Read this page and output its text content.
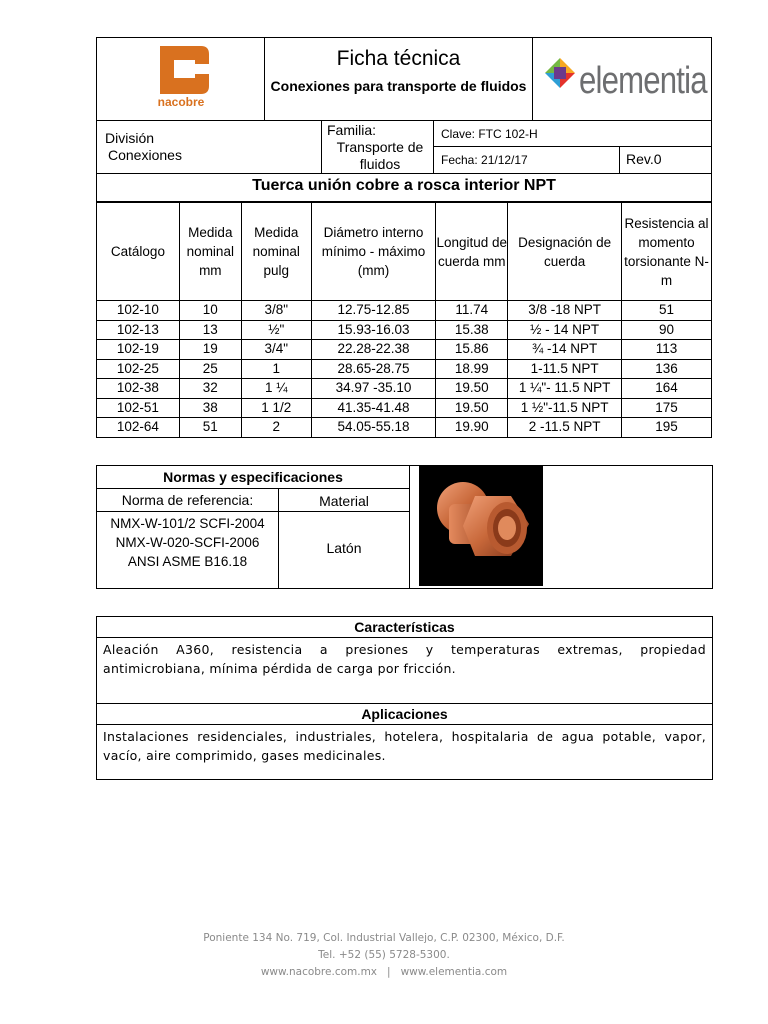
nacobre
Ficha técnica
Conexiones para transporte de fluidos elementia
División
Conexiones
Familia:
Transporte de fluidos
Clave: FTC 102-H
Fecha: 21/12/17	Rev.0
Tuerca unión cobre a rosca interior NPT
Catálogo	Medida nominal mm	Medida nominal pulg	Diámetro interno mínimo - máximo (mm)	Longitud de cuerda mm	Designación de cuerda	Resistencia al momento torsionante N-m
102-10	10	3/8"	12.75-12.85	11.74	3/8 -18 NPT	51
102-13	13	½"	15.93-16.03	15.38	½ - 14 NPT	90
102-19	19	3/4"	22.28-22.38	15.86	¾ -14 NPT	113
102-25	25	1	28.65-28.75	18.99	1-11.5 NPT	136
102-38	32	1 ¼	34.97 -35.10	19.50	1 ¼"- 11.5 NPT	164
102-51	38	1 1/2	41.35-41.48	19.50	1 ½"-11.5 NPT	175
102-64	51	2	54.05-55.18	19.90	2 -11.5 NPT	195
Normas y especificaciones
Norma de referencia:	Material
NMX-W-101/2 SCFI-2004
NMX-W-020-SCFI-2006
ANSI ASME B16.18
Latón
Características
Aleación A360, resistencia a presiones y temperaturas extremas, propiedad antimicrobiana, mínima pérdida de carga por fricción.
Aplicaciones
Instalaciones residenciales, industriales, hotelera, hospitalaria de agua potable, vapor, vacío, aire comprimido, gases medicinales.
Poniente 134 No. 719, Col. Industrial Vallejo, C.P. 02300, México, D.F.
Tel. +52 (55) 5728-5300.
www.nacobre.com.mx   |   www.elementia.com
